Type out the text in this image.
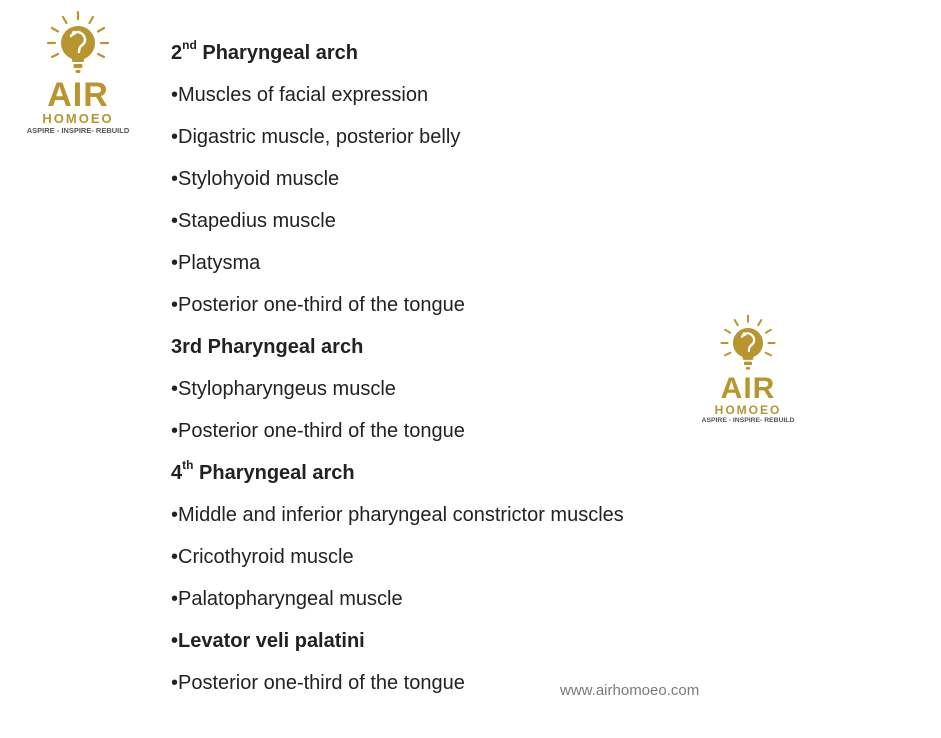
AIR
HOMOEO
ASPIRE - INSPIRE- REBUILD
AIR
HOMOEO
ASPIRE - INSPIRE- REBUILD
2nd Pharyngeal arch
•Muscles of facial expression
•Digastric muscle, posterior belly
•Stylohyoid muscle
•Stapedius muscle
•Platysma
•Posterior one-third of the tongue
3rd Pharyngeal arch
•Stylopharyngeus muscle
•Posterior one-third of the tongue
4th Pharyngeal arch
•Middle and inferior pharyngeal constrictor muscles
•Cricothyroid muscle
•Palatopharyngeal muscle
•Levator veli palatini
•Posterior one-third of the tongue	www.airhomoeo.com
